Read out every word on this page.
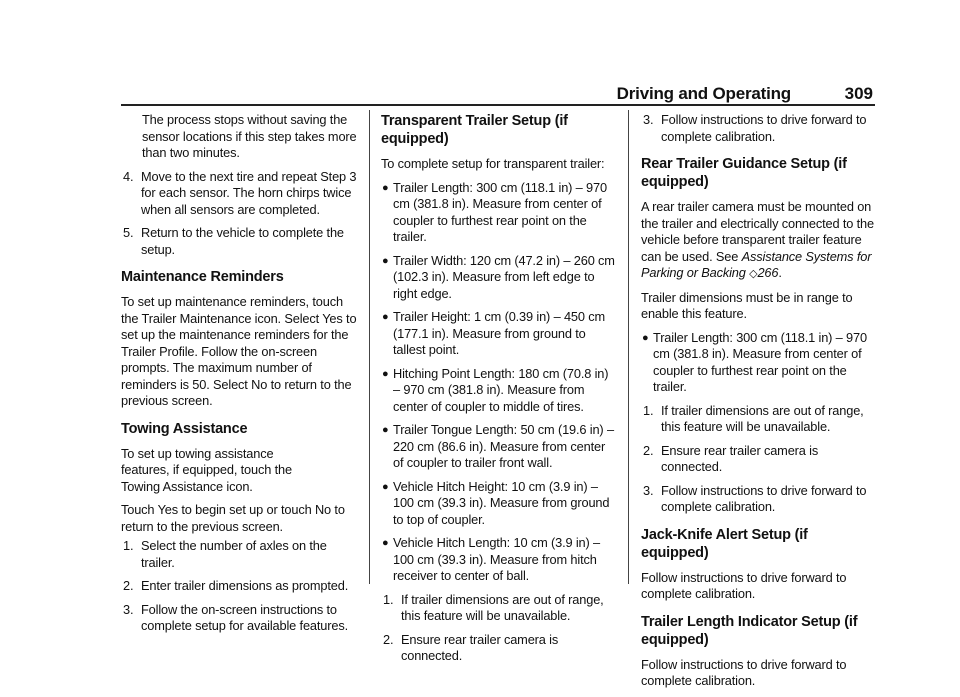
Driving and Operating	309

The process stops without saving the sensor locations if this step takes more than two minutes.

4. Move to the next tire and repeat Step 3 for each sensor. The horn chirps twice when all sensors are completed.
5. Return to the vehicle to complete the setup.
Maintenance Reminders

To set up maintenance reminders, touch the Trailer Maintenance icon. Select Yes to set up the maintenance reminders for the Trailer Profile. Follow the on-screen prompts. The maximum number of reminders is 50. Select No to return to the previous screen.

Towing Assistance

To set up towing assistance features, if equipped, touch the Towing Assistance icon.

Touch Yes to begin set up or touch No to return to the previous screen.

1. Select the number of axles on the trailer.
2. Enter trailer dimensions as prompted.
3. Follow the on-screen instructions to complete setup for available features.
Transparent Trailer Setup (if equipped)

To complete setup for transparent trailer:

● Trailer Length: 300 cm (118.1 in) – 970 cm (381.8 in). Measure from center of coupler to furthest rear point on the trailer.
● Trailer Width: 120 cm (47.2 in) – 260 cm (102.3 in). Measure from left edge to right edge.
● Trailer Height: 1 cm (0.39 in) – 450 cm (177.1 in). Measure from ground to tallest point.
● Hitching Point Length: 180 cm (70.8 in) – 970 cm (381.8 in). Measure from center of coupler to middle of tires.
● Trailer Tongue Length: 50 cm (19.6 in) – 220 cm (86.6 in). Measure from center of coupler to trailer front wall.
● Vehicle Hitch Height: 10 cm (3.9 in) – 100 cm (39.3 in). Measure from ground to top of coupler.
● Vehicle Hitch Length: 10 cm (3.9 in) – 100 cm (39.3 in). Measure from hitch receiver to center of ball.
1. If trailer dimensions are out of range, this feature will be unavailable.
2. Ensure rear trailer camera is connected.
3. Follow instructions to drive forward to complete calibration.
Rear Trailer Guidance Setup (if equipped)

A rear trailer camera must be mounted on the trailer and electrically connected to the vehicle before transparent trailer feature can be used. See Assistance Systems for Parking or Backing ◇266.

Trailer dimensions must be in range to enable this feature.

● Trailer Length: 300 cm (118.1 in) – 970 cm (381.8 in). Measure from center of coupler to furthest rear point on the trailer.
1. If trailer dimensions are out of range, this feature will be unavailable.
2. Ensure rear trailer camera is connected.
3. Follow instructions to drive forward to complete calibration.
Jack-Knife Alert Setup (if equipped)

Follow instructions to drive forward to complete calibration.

Trailer Length Indicator Setup (if equipped)

Follow instructions to drive forward to complete calibration.
